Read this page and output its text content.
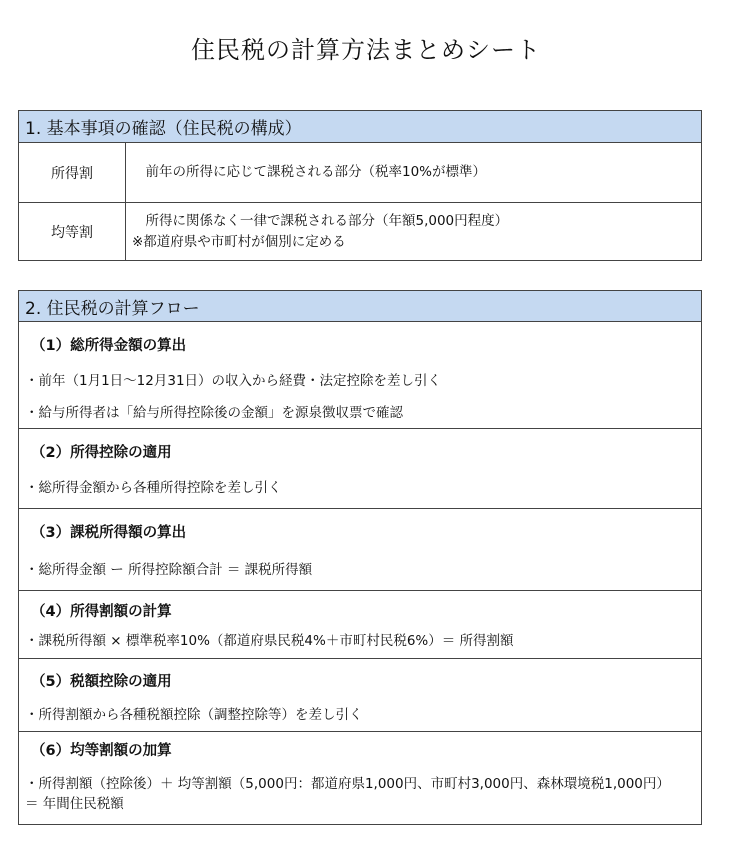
住民税の計算方法まとめシート
1. 基本事項の確認（住民税の構成）
所得割	　前年の所得に応じて課税される部分（税率10%が標準）
均等割
　所得に関係なく一律で課税される部分（年額5,000円程度）
※都道府県や市町村が個別に定める
2. 住民税の計算フロー
（1）総所得金額の算出
・前年（1月1日〜12月31日）の収入から経費・法定控除を差し引く
・給与所得者は「給与所得控除後の金額」を源泉徴収票で確認
（2）所得控除の適用
・総所得金額から各種所得控除を差し引く
（3）課税所得額の算出
・総所得金額 ー 所得控除額合計 ＝ 課税所得額
（4）所得割額の計算
・課税所得額 × 標準税率10%（都道府県民税4%＋市町村民税6%）＝ 所得割額
（5）税額控除の適用
・所得割額から各種税額控除（調整控除等）を差し引く
（6）均等割額の加算
・所得割額（控除後）＋ 均等割額（5,000円：都道府県1,000円、市町村3,000円、森林環境税1,000円）＝ 年間住民税額
